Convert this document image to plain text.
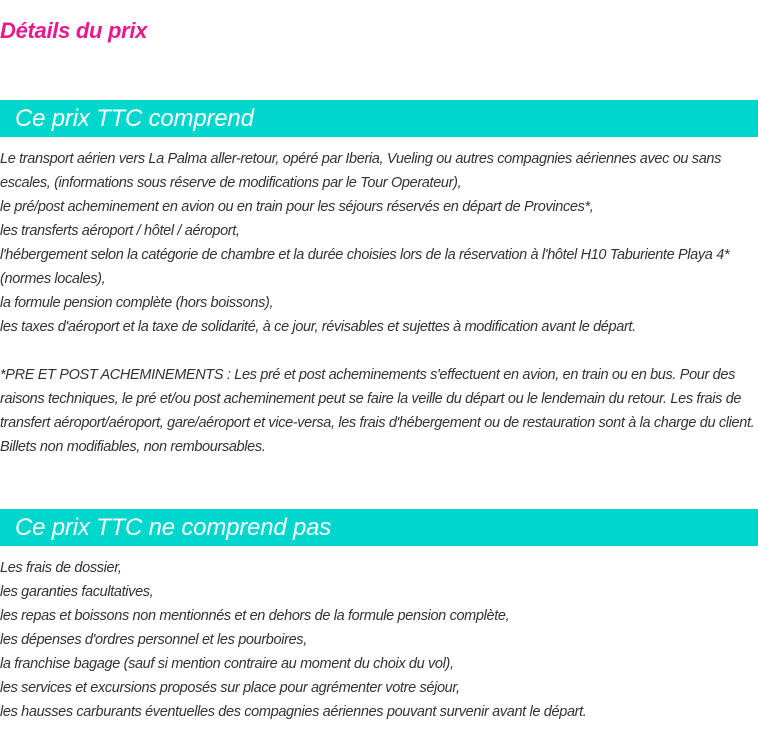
Détails du prix
Ce prix TTC comprend

Le transport aérien vers La Palma aller-retour, opéré par Iberia, Vueling ou autres compagnies aériennes avec ou sans escales, (informations sous réserve de modifications par le Tour Operateur),

le pré/post acheminement en avion ou en train pour les séjours réservés en départ de Provinces*,

les transferts aéroport / hôtel / aéroport,

l'hébergement selon la catégorie de chambre et la durée choisies lors de la réservation à l'hôtel H10 Taburiente Playa 4* (normes locales),

la formule pension complète (hors boissons),

les taxes d'aéroport et la taxe de solidarité, à ce jour, révisables et sujettes à modification avant le départ.

*PRE ET POST ACHEMINEMENTS : Les pré et post acheminements s'effectuent en avion, en train ou en bus. Pour des raisons techniques, le pré et/ou post acheminement peut se faire la veille du départ ou le lendemain du retour. Les frais de transfert aéroport/aéroport, gare/aéroport et vice-versa, les frais d'hébergement ou de restauration sont à la charge du client. Billets non modifiables, non remboursables.

Ce prix TTC ne comprend pas

Les frais de dossier,

les garanties facultatives,

les repas et boissons non mentionnés et en dehors de la formule pension complète,

les dépenses d'ordres personnel et les pourboires,

la franchise bagage (sauf si mention contraire au moment du choix du vol),

les services et excursions proposés sur place pour agrémenter votre séjour,

les hausses carburants éventuelles des compagnies aériennes pouvant survenir avant le départ.
